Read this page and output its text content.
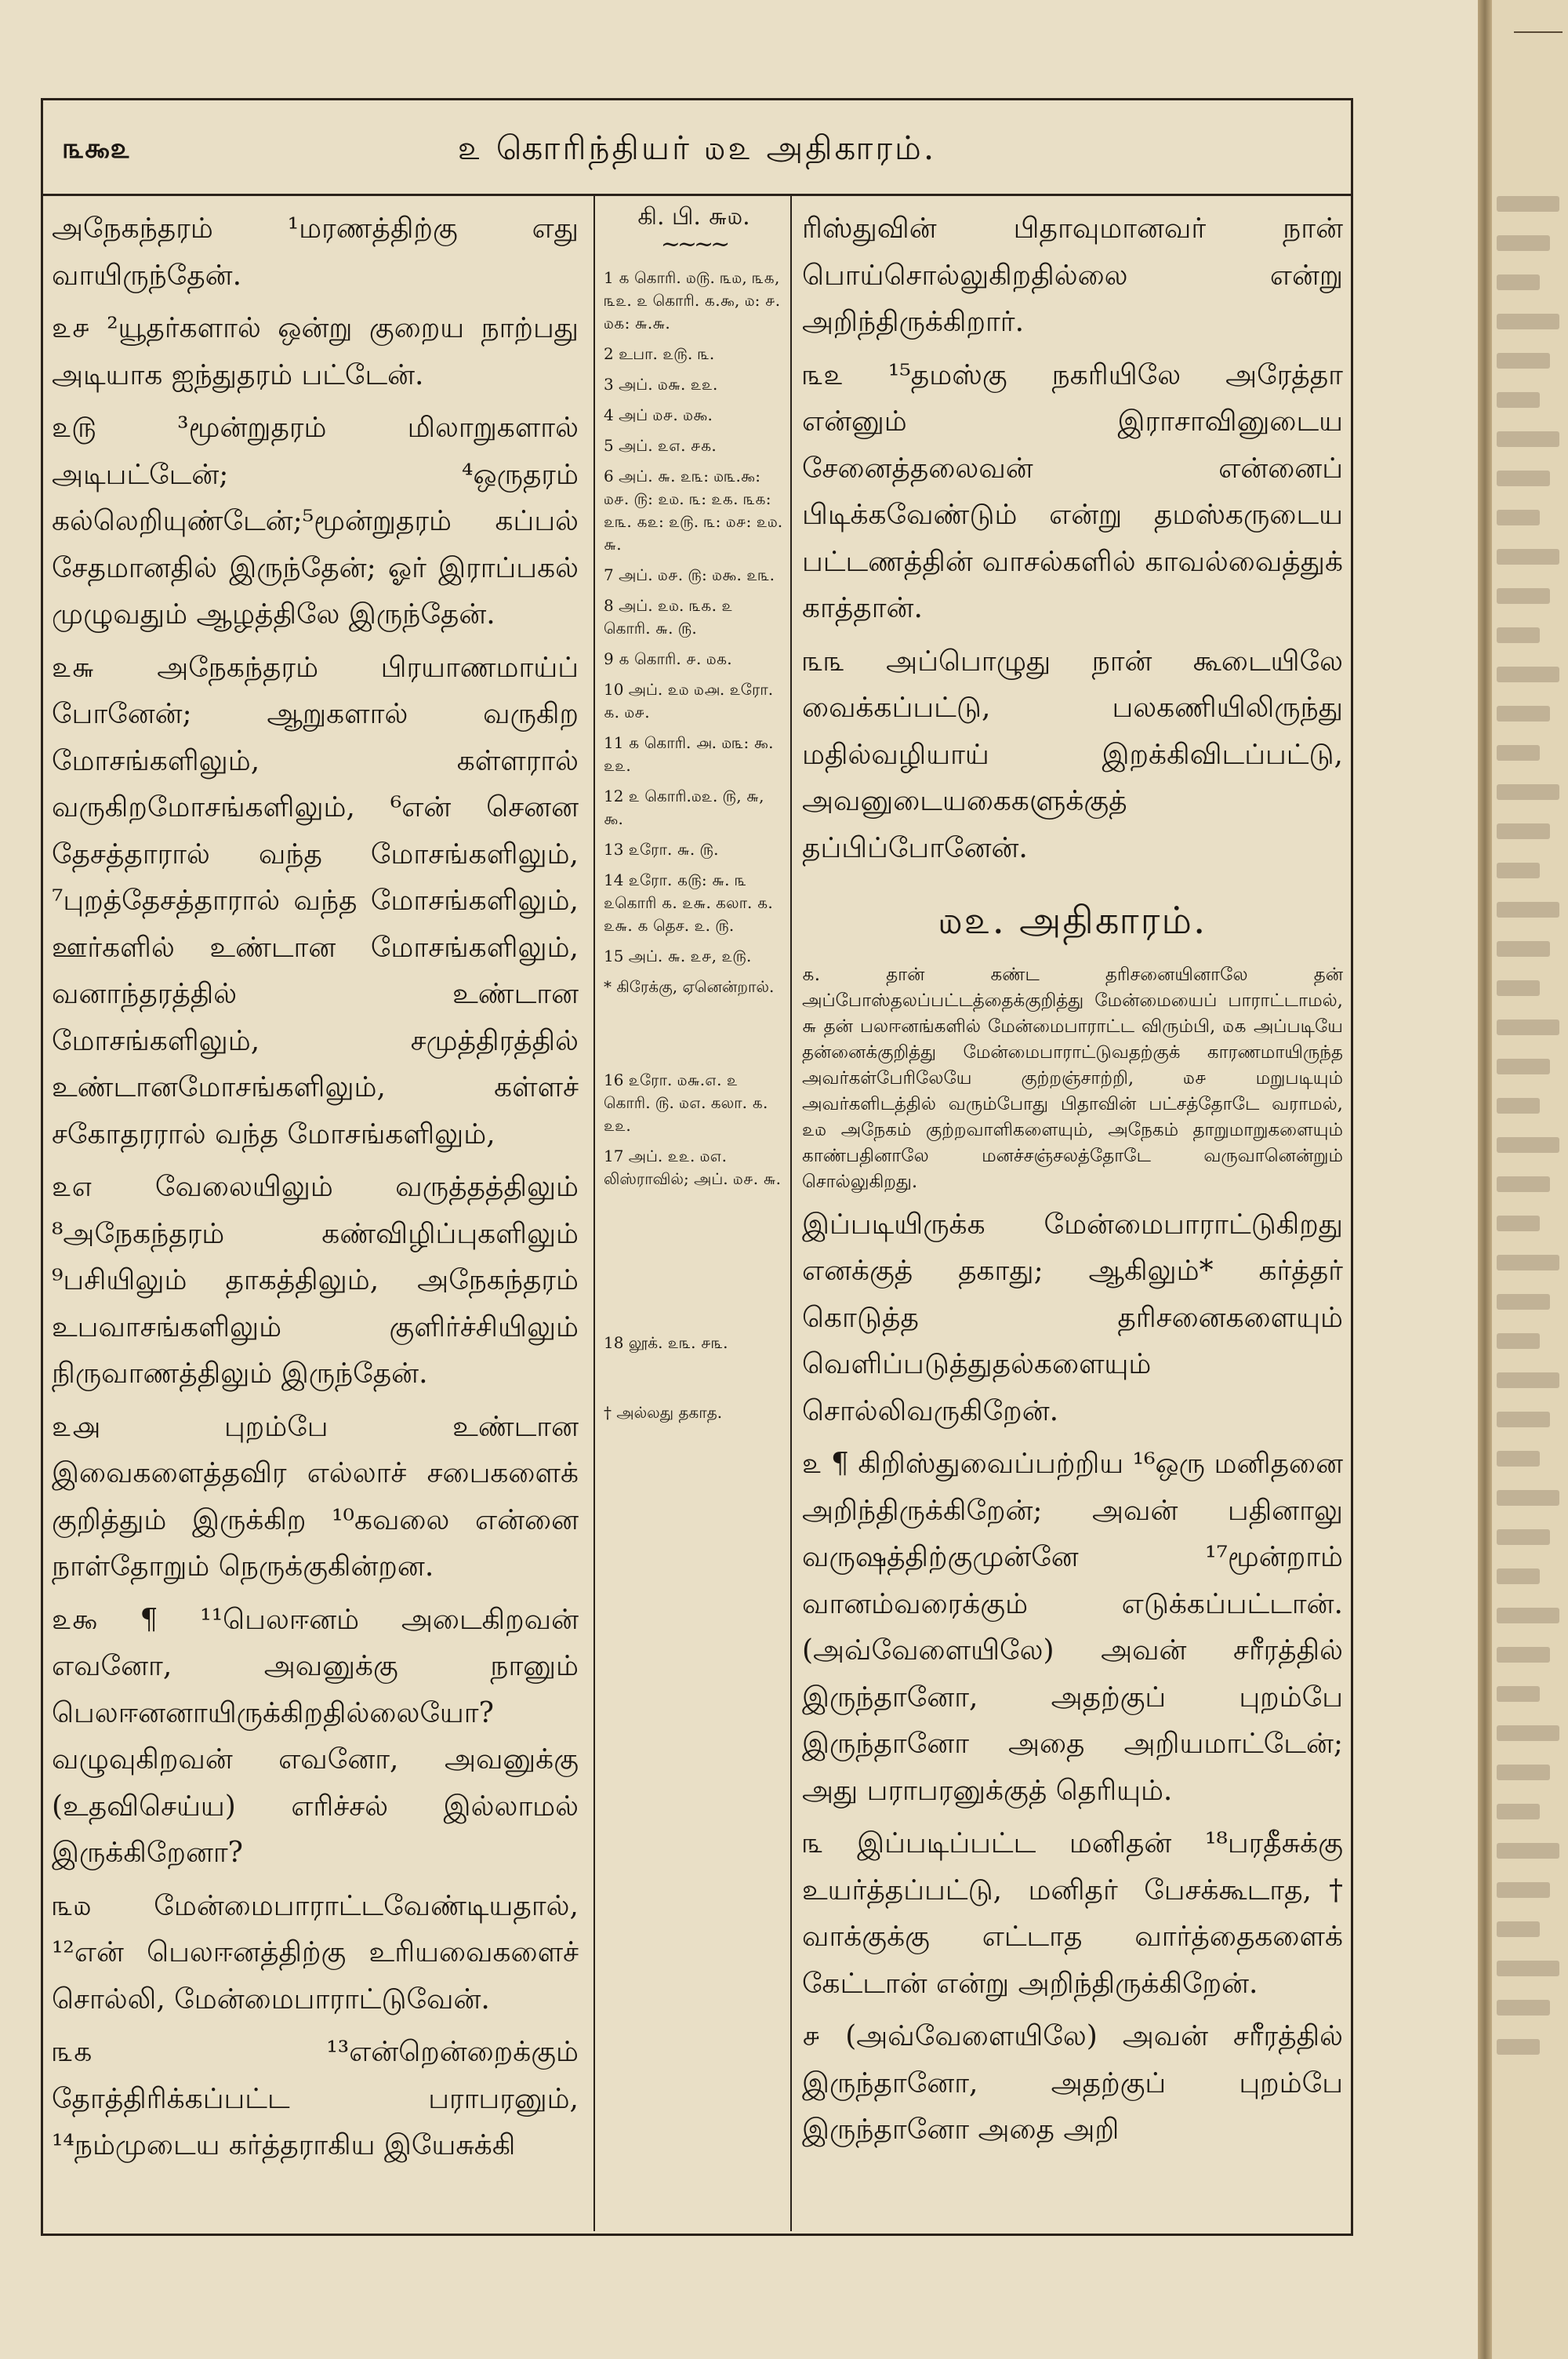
௩௯௨	௨ கொரிந்தியர் ௰௨ அதிகாரம்.

அநேகந்தரம் ¹மரணத்திற்கு எது வாயிருந்தேன்.

௨௪ ²யூதர்களால் ஒன்று குறைய நாற்பது அடியாக ஐந்துதரம் பட்டேன்.

௨௫ ³மூன்றுதரம் மிலாறுகளால் அடிபட்டேன்; ⁴ஒருதரம் கல்லெறியுண்டேன்;⁵மூன்றுதரம் கப்பல் சேதமானதில் இருந்தேன்; ஓர் இராப்பகல் முழுவதும் ஆழத்திலே இருந்தேன்.

௨௬ அநேகந்தரம் பிரயாணமாய்ப் போனேன்; ஆறுகளால் வருகிற மோசங்களிலும், கள்ளரால் வருகிறமோசங்களிலும், ⁶என் செனன தேசத்தாரால் வந்த மோசங்களிலும், ⁷புறத்தேசத்தாரால் வந்த மோசங்களிலும், ஊர்களில் உண்டான மோசங்களிலும், வனாந்தரத்தில் உண்டான மோசங்களிலும், சமுத்திரத்தில் உண்டானமோசங்களிலும், கள்ளச் சகோதரரால் வந்த மோசங்களிலும்,

௨௭ வேலையிலும் வருத்தத்திலும் ⁸அநேகந்தரம் கண்விழிப்புகளிலும் ⁹பசியிலும் தாகத்திலும், அநேகந்தரம் உபவாசங்களிலும் குளிர்ச்சியிலும் நிருவாணத்திலும் இருந்தேன்.

௨௮ புறம்பே உண்டான இவைகளைத்தவிர எல்லாச் சபைகளைக் குறித்தும் இருக்கிற ¹⁰கவலை என்னை நாள்தோறும் நெருக்குகின்றன.

௨௯ ¶ ¹¹பெலஈனம் அடைகிறவன் எவனோ, அவனுக்கு நானும் பெலஈனனாயிருக்கிறதில்லையோ? வழுவுகிறவன் எவனோ, அவனுக்கு (உதவிசெய்ய) எரிச்சல் இல்லாமல் இருக்கிறேனா?

௩௰ மேன்மைபாராட்டவேண்டியதால், ¹²என் பெலஈனத்திற்கு உரியவைகளைச் சொல்லி, மேன்மைபாராட்டுவேன்.

௩௧ ¹³என்றென்றைக்கும் தோத்திரிக்கப்பட்ட பராபரனும், ¹⁴நம்முடைய கர்த்தராகிய இயேசுக்கி

கி. பி. ௬௰.
~~~~
1 ௧ கொரி. ௰௫. ௩௰, ௩௧, ௩௨. ௨ கொரி. ௧.௯, ௰: ௪. ௰௧: ௬.௬.
2 உபா. ௨௫. ௩.
3 அப். ௰௬. ௨௨.
4 அப் ௰௪. ௰௯.
5 அப். ௨௭. ௪௧.
6 அப். ௬. ௨௩: ௰௩.௯: ௰௪. ௫: ௨௰. ௩: ௨௧. ௩௧: ௨௩. ௧௨: ௨௫. ௩: ௰௪: ௨௰. ௬.
7 அப். ௰௪. ௫: ௰௯. ௨௩.
8 அப். ௨௰. ௩௧. ௨ கொரி. ௬. ௫.
9 ௧ கொரி. ௪. ௰௧.
10 அப். ௨௰ ௰௮. ௨ரோ. ௧. ௰௪.
11 ௧ கொரி. ௮. ௰௩: ௯. ௨௨.
12 ௨ கொரி.௰௨. ௫, ௬, ௯.
13 ௨ரோ. ௬. ௫.
14 ௨ரோ. ௧௫: ௬. ௩ ௨கொரி ௧. ௨௬. கலா. ௧. ௨௬. ௧ தெச. ௨. ௫.
15 அப். ௬. ௨௪, ௨௫.
* கிரேக்கு, ஏனென்றால்.
16 ௨ரோ. ௰௬.௭. ௨ கொரி. ௫. ௰௭. கலா. ௧. ௨௨.
17 அப். ௨௨. ௰௭. லிஸ்ராவில்; அப். ௰௪. ௬.
18 லூக். ௨௩. ௪௩.
† அல்லது தகாத.

ரிஸ்துவின் பிதாவுமானவர் நான் பொய்சொல்லுகிறதில்லை என்று அறிந்திருக்கிறார்.

௩௨ ¹⁵தமஸ்கு நகரியிலே அரேத்தா என்னும் இராசாவினுடைய சேனைத்தலைவன் என்னைப் பிடிக்கவேண்டும் என்று தமஸ்கருடைய பட்டணத்தின் வாசல்களில் காவல்வைத்துக் காத்தான்.

௩௩ அப்பொழுது நான் கூடையிலே வைக்கப்பட்டு, பலகணியிலிருந்து மதில்வழியாய் இறக்கிவிடப்பட்டு, அவனுடையகைகளுக்குத் தப்பிப்போனேன்.

௰௨. அதிகாரம்.

௧. தான் கண்ட தரிசனையினாலே தன் அப்போஸ்தலப்பட்டத்தைக்குறித்து மேன்மையைப் பாராட்டாமல், ௬ தன் பலஈனங்களில் மேன்மைபாராட்ட விரும்பி, ௰௧ அப்படியே தன்னைக்குறித்து மேன்மைபாராட்டுவதற்குக் காரணமாயிருந்த அவர்கள்பேரிலேயே குற்றஞ்சாற்றி, ௰௪ மறுபடியும் அவர்களிடத்தில் வரும்போது பிதாவின் பட்சத்தோடே வராமல், ௨௰ அநேகம் குற்றவாளிகளையும், அநேகம் தாறுமாறுகளையும் காண்பதினாலே மனச்சஞ்சலத்தோடே வருவானென்றும் சொல்லுகிறது.

இப்படியிருக்க மேன்மைபாராட்டுகிறது எனக்குத் தகாது; ஆகிலும்* கர்த்தர் கொடுத்த தரிசனைகளையும் வெளிப்படுத்துதல்களையும் சொல்லிவருகிறேன்.

௨ ¶ கிறிஸ்துவைப்பற்றிய ¹⁶ஒரு மனிதனை அறிந்திருக்கிறேன்; அவன் பதினாலு வருஷத்திற்குமுன்னே ¹⁷மூன்றாம் வானம்வரைக்கும் எடுக்கப்பட்டான். (அவ்வேளையிலே) அவன் சரீரத்தில் இருந்தானோ, அதற்குப் புறம்பே இருந்தானோ அதை அறியமாட்டேன்; அது பராபரனுக்குத் தெரியும்.

௩ இப்படிப்பட்ட மனிதன் ¹⁸பரதீசுக்கு உயர்த்தப்பட்டு, மனிதர் பேசக்கூடாத,† வாக்குக்கு எட்டாத வார்த்தைகளைக் கேட்டான் என்று அறிந்திருக்கிறேன்.

௪ (அவ்வேளையிலே) அவன் சரீரத்தில் இருந்தானோ, அதற்குப் புறம்பே இருந்தானோ அதை அறி
